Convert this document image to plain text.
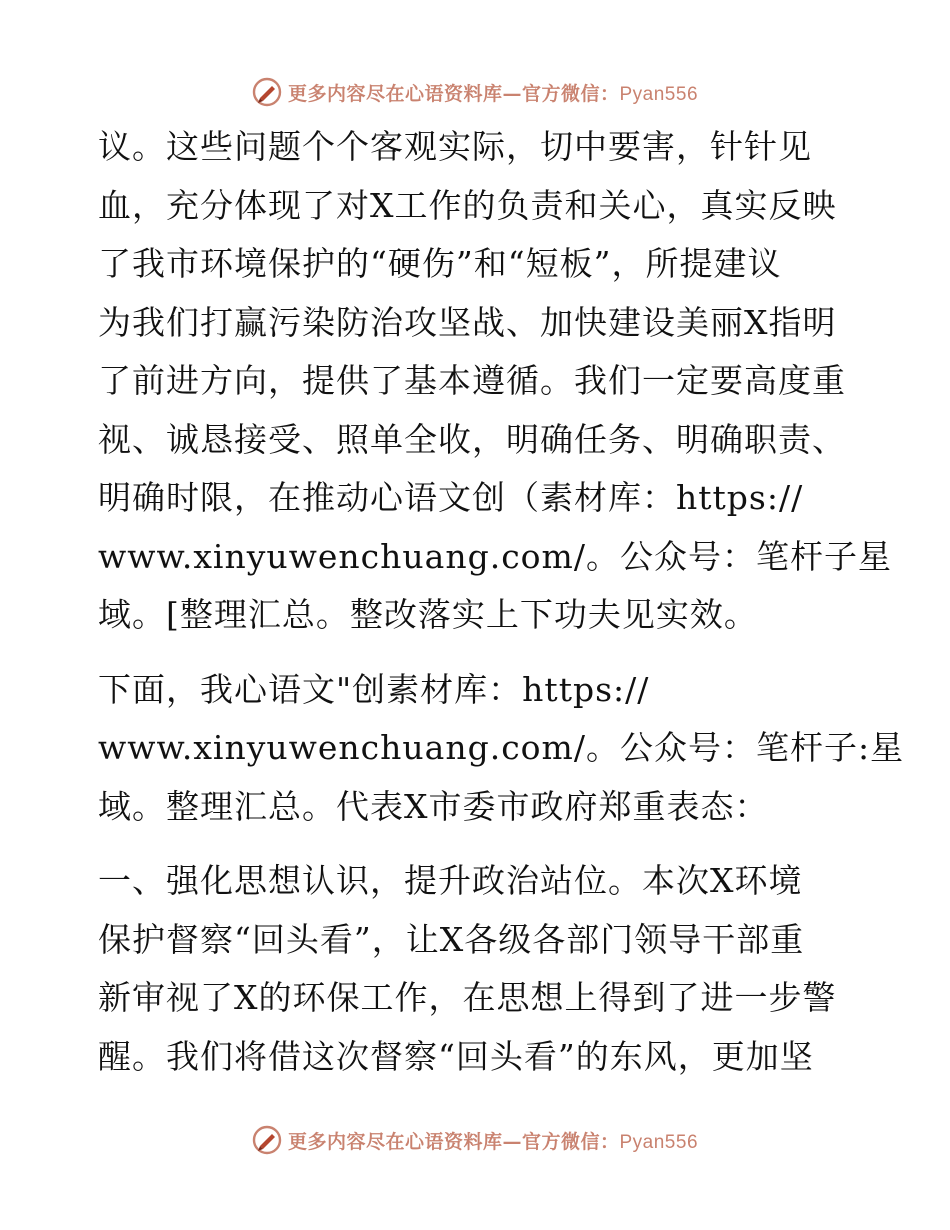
更多内容尽在心语资料库—官方微信：Pyan556

议。这些问题个个客观实际，切中要害，针针见
血，充分体现了对X工作的负责和关心，真实反映
了我市环境保护的“硬伤”和“短板”，所提建议
为我们打赢污染防治攻坚战、加快建设美丽X指明
了前进方向，提供了基本遵循。我们一定要高度重
视、诚恳接受、照单全收，明确任务、明确职责、
明确时限，在推动心语文创（素材库：https://
www.xinyuwenchuang.com/。公众号：笔杆子星
域。[整理汇总。整改落实上下功夫见实效。

下面，我心语文"创素材库：https://
www.xinyuwenchuang.com/。公众号：笔杆子:星
域。整理汇总。代表X市委市政府郑重表态：

一、强化思想认识，提升政治站位。本次X环境
保护督察“回头看”，让X各级各部门领导干部重
新审视了X的环保工作，在思想上得到了进一步警
醒。我们将借这次督察“回头看”的东风，更加坚

更多内容尽在心语资料库—官方微信：Pyan556
